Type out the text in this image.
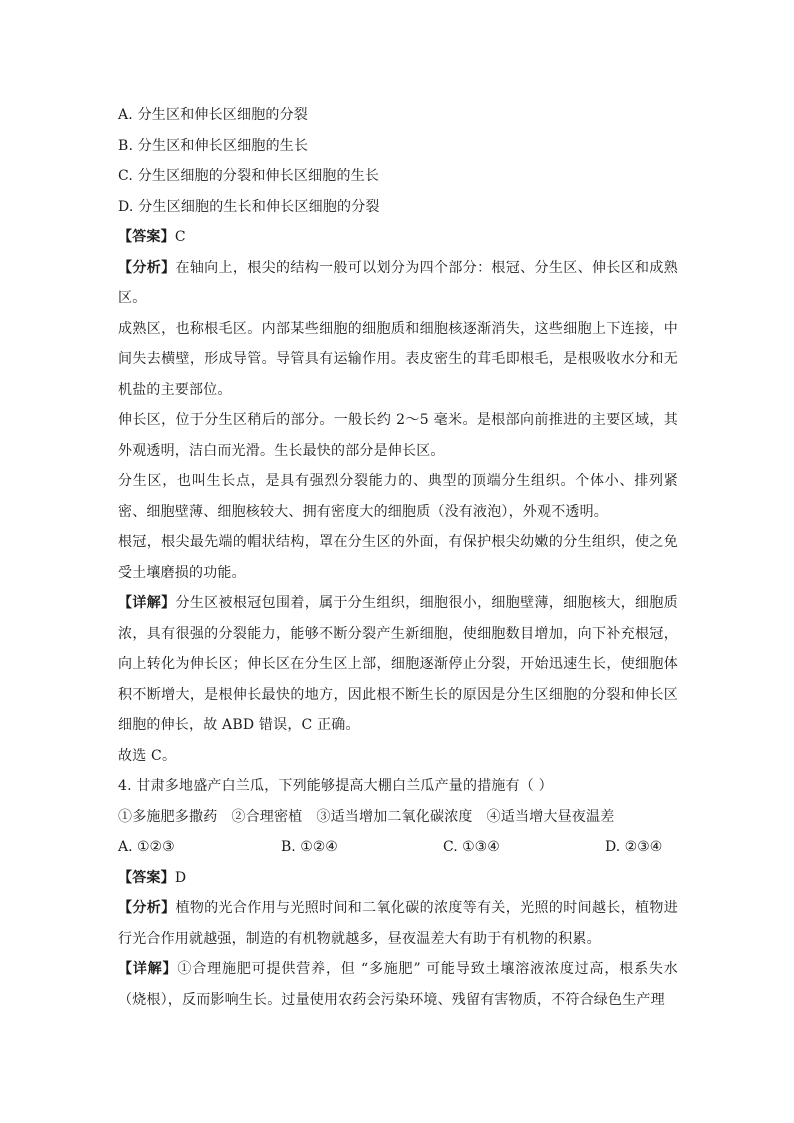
A. 分生区和伸长区细胞的分裂
B. 分生区和伸长区细胞的生长
C. 分生区细胞的分裂和伸长区细胞的生长
D. 分生区细胞的生长和伸长区细胞的分裂
【答案】C
【分析】在轴向上，根尖的结构一般可以划分为四个部分：根冠、分生区、伸长区和成熟区。
成熟区，也称根毛区。内部某些细胞的细胞质和细胞核逐渐消失，这些细胞上下连接，中间失去横壁，形成导管。导管具有运输作用。表皮密生的茸毛即根毛，是根吸收水分和无机盐的主要部位。
伸长区，位于分生区稍后的部分。一般长约 2～5 毫米。是根部向前推进的主要区域，其外观透明，洁白而光滑。生长最快的部分是伸长区。
分生区，也叫生长点，是具有强烈分裂能力的、典型的顶端分生组织。个体小、排列紧密、细胞壁薄、细胞核较大、拥有密度大的细胞质（没有液泡），外观不透明。
根冠，根尖最先端的帽状结构，罩在分生区的外面，有保护根尖幼嫩的分生组织，使之免受土壤磨损的功能。
【详解】分生区被根冠包围着，属于分生组织，细胞很小，细胞壁薄，细胞核大，细胞质浓，具有很强的分裂能力，能够不断分裂产生新细胞，使细胞数目增加，向下补充根冠，向上转化为伸长区；伸长区在分生区上部，细胞逐渐停止分裂，开始迅速生长，使细胞体积不断增大，是根伸长最快的地方，因此根不断生长的原因是分生区细胞的分裂和伸长区细胞的伸长，故 ABD 错误，C 正确。
故选 C。
4. 甘肃多地盛产白兰瓜，下列能够提高大棚白兰瓜产量的措施有（ ）
①多施肥多撒药 ②合理密植 ③适当增加二氧化碳浓度 ④适当增大昼夜温差
A. ①②③	B. ①②④	C. ①③④	D. ②③④
【答案】D
【分析】植物的光合作用与光照时间和二氧化碳的浓度等有关，光照的时间越长，植物进行光合作用就越强，制造的有机物就越多，昼夜温差大有助于有机物的积累。
【详解】①合理施肥可提供营养，但 “多施肥” 可能导致土壤溶液浓度过高，根系失水（烧根），反而影响生长。过量使用农药会污染环境、残留有害物质，不符合绿色生产理
